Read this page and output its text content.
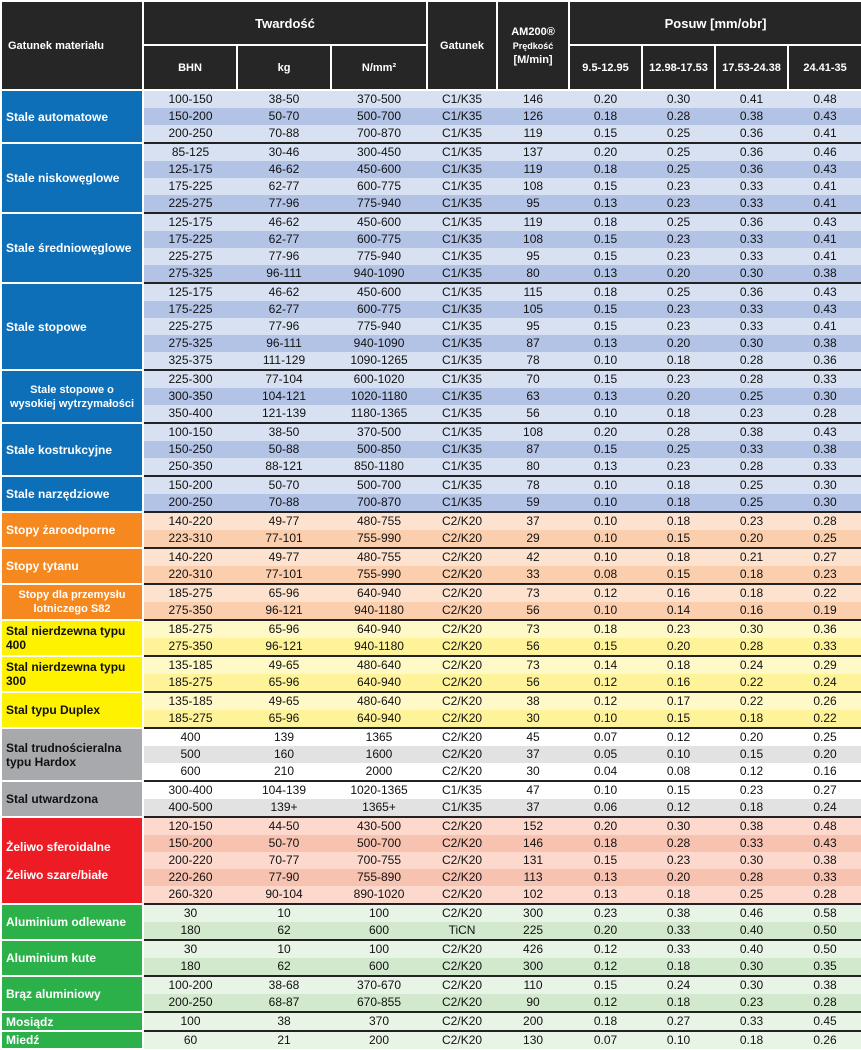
Gatunek materiału	Twardość			Gatunek	AM200®
Prędkość
[M/min]	Posuw [mm/obr]			
	BHN	kg	N/mm²			9.5-12.95	12.98-17.53	17.53-24.38	24.41-35

Stale automatowe	100-150	38-50	370-500	C1/K35	146	0.20	0.30	0.41	0.48
	150-200	50-70	500-700	C1/K35	126	0.18	0.28	0.38	0.43
	200-250	70-88	700-870	C1/K35	119	0.15	0.25	0.36	0.41

Stale niskowęglowe	85-125	30-46	300-450	C1/K35	137	0.20	0.25	0.36	0.46
	125-175	46-62	450-600	C1/K35	119	0.18	0.25	0.36	0.43
	175-225	62-77	600-775	C1/K35	108	0.15	0.23	0.33	0.41
	225-275	77-96	775-940	C1/K35	95	0.13	0.23	0.33	0.41

Stale średniowęglowe	125-175	46-62	450-600	C1/K35	119	0.18	0.25	0.36	0.43
	175-225	62-77	600-775	C1/K35	108	0.15	0.23	0.33	0.41
	225-275	77-96	775-940	C1/K35	95	0.15	0.23	0.33	0.41
	275-325	96-111	940-1090	C1/K35	80	0.13	0.20	0.30	0.38

Stale stopowe	125-175	46-62	450-600	C1/K35	115	0.18	0.25	0.36	0.43
	175-225	62-77	600-775	C1/K35	105	0.15	0.23	0.33	0.43
	225-275	77-96	775-940	C1/K35	95	0.15	0.23	0.33	0.41
	275-325	96-111	940-1090	C1/K35	87	0.13	0.20	0.30	0.38
	325-375	111-129	1090-1265	C1/K35	78	0.10	0.18	0.28	0.36

Stale stopowe o wysokiej wytrzymałości	225-300	77-104	600-1020	C1/K35	70	0.15	0.23	0.28	0.33
	300-350	104-121	1020-1180	C1/K35	63	0.13	0.20	0.25	0.30
	350-400	121-139	1180-1365	C1/K35	56	0.10	0.18	0.23	0.28

Stale kostrukcyjne	100-150	38-50	370-500	C1/K35	108	0.20	0.28	0.38	0.43
	150-250	50-88	500-850	C1/K35	87	0.15	0.25	0.33	0.38
	250-350	88-121	850-1180	C1/K35	80	0.13	0.23	0.28	0.33

Stale narzędziowe	150-200	50-70	500-700	C1/K35	78	0.10	0.18	0.25	0.30
	200-250	70-88	700-870	C1/K35	59	0.10	0.18	0.25	0.30

Stopy żaroodporne	140-220	49-77	480-755	C2/K20	37	0.10	0.18	0.23	0.28
	223-310	77-101	755-990	C2/K20	29	0.10	0.15	0.20	0.25

Stopy tytanu	140-220	49-77	480-755	C2/K20	42	0.10	0.18	0.21	0.27
	220-310	77-101	755-990	C2/K20	33	0.08	0.15	0.18	0.23

Stopy dla przemysłu lotniczego S82	185-275	65-96	640-940	C2/K20	73	0.12	0.16	0.18	0.22
	275-350	96-121	940-1180	C2/K20	56	0.10	0.14	0.16	0.19

Stal nierdzewna typu 400	185-275	65-96	640-940	C2/K20	73	0.18	0.23	0.30	0.36
	275-350	96-121	940-1180	C2/K20	56	0.15	0.20	0.28	0.33

Stal nierdzewna typu 300	135-185	49-65	480-640	C2/K20	73	0.14	0.18	0.24	0.29
	185-275	65-96	640-940	C2/K20	56	0.12	0.16	0.22	0.24

Stal typu Duplex	135-185	49-65	480-640	C2/K20	38	0.12	0.17	0.22	0.26
	185-275	65-96	640-940	C2/K20	30	0.10	0.15	0.18	0.22

Stal trudnościeralna typu Hardox	400	139	1365	C2/K20	45	0.07	0.12	0.20	0.25
	500	160	1600	C2/K20	37	0.05	0.10	0.15	0.20
	600	210	2000	C2/K20	30	0.04	0.08	0.12	0.16

Stal utwardzona	300-400	104-139	1020-1365	C1/K35	47	0.10	0.15	0.23	0.27
	400-500	139+	1365+	C1/K35	37	0.06	0.12	0.18	0.24

Żeliwo sferoidalne
Żeliwo szare/białe	120-150	44-50	430-500	C2/K20	152	0.20	0.30	0.38	0.48
	150-200	50-70	500-700	C2/K20	146	0.18	0.28	0.33	0.43
	200-220	70-77	700-755	C2/K20	131	0.15	0.23	0.30	0.38
	220-260	77-90	755-890	C2/K20	113	0.13	0.20	0.28	0.33
	260-320	90-104	890-1020	C2/K20	102	0.13	0.18	0.25	0.28

Aluminium odlewane	30	10	100	C2/K20	300	0.23	0.38	0.46	0.58
	180	62	600	TiCN	225	0.20	0.33	0.40	0.50

Aluminium kute	30	10	100	C2/K20	426	0.12	0.33	0.40	0.50
	180	62	600	C2/K20	300	0.12	0.18	0.30	0.35

Brąz aluminiowy	100-200	38-68	370-670	C2/K20	110	0.15	0.24	0.30	0.38
	200-250	68-87	670-855	C2/K20	90	0.12	0.18	0.23	0.28

Mosiądz	100	38	370	C2/K20	200	0.18	0.27	0.33	0.45

Miedź	60	21	200	C2/K20	130	0.07	0.10	0.18	0.26
